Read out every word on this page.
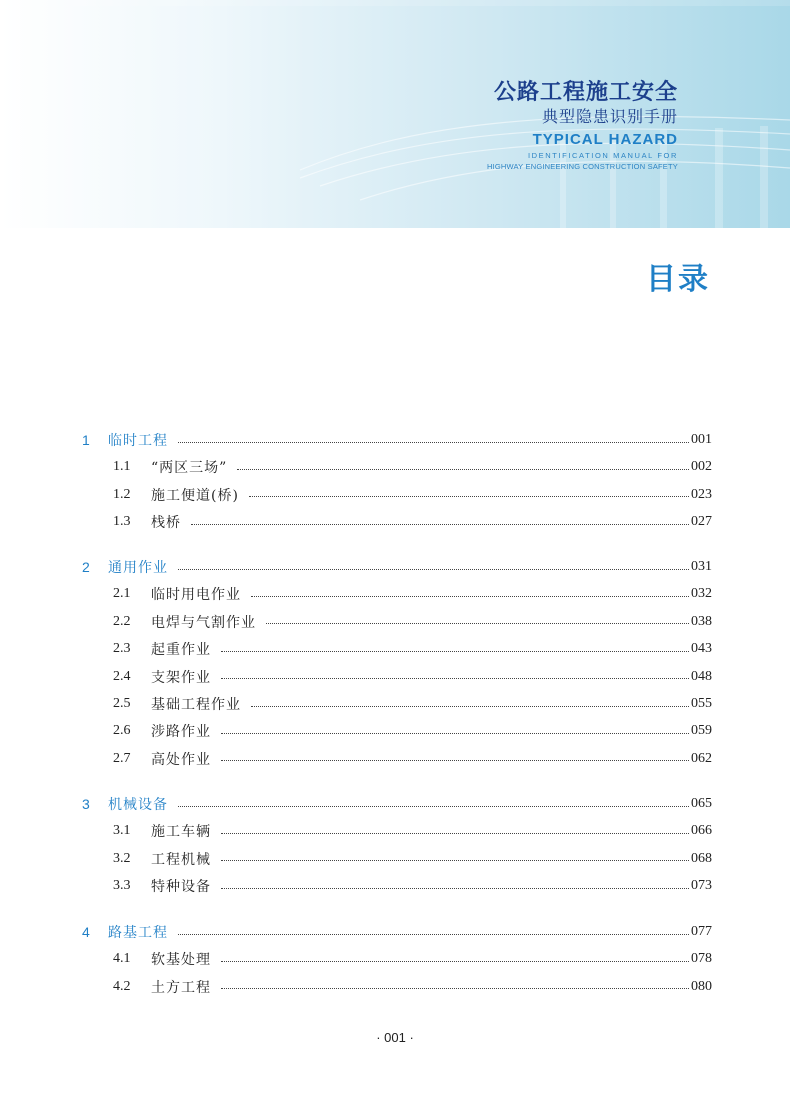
公路工程施工安全
典型隐患识别手册
TYPICAL HAZARD
IDENTIFICATION MANUAL FOR
HIGHWAY ENGINEERING CONSTRUCTION SAFETY
目录
1	临时工程	001
1.1	“两区三场”	002
1.2	施工便道(桥)	023
1.3	栈桥	027
2	通用作业	031
2.1	临时用电作业	032
2.2	电焊与气割作业	038
2.3	起重作业	043
2.4	支架作业	048
2.5	基础工程作业	055
2.6	涉路作业	059
2.7	高处作业	062
3	机械设备	065
3.1	施工车辆	066
3.2	工程机械	068
3.3	特种设备	073
4	路基工程	077
4.1	软基处理	078
4.2	土方工程	080
· 001 ·
